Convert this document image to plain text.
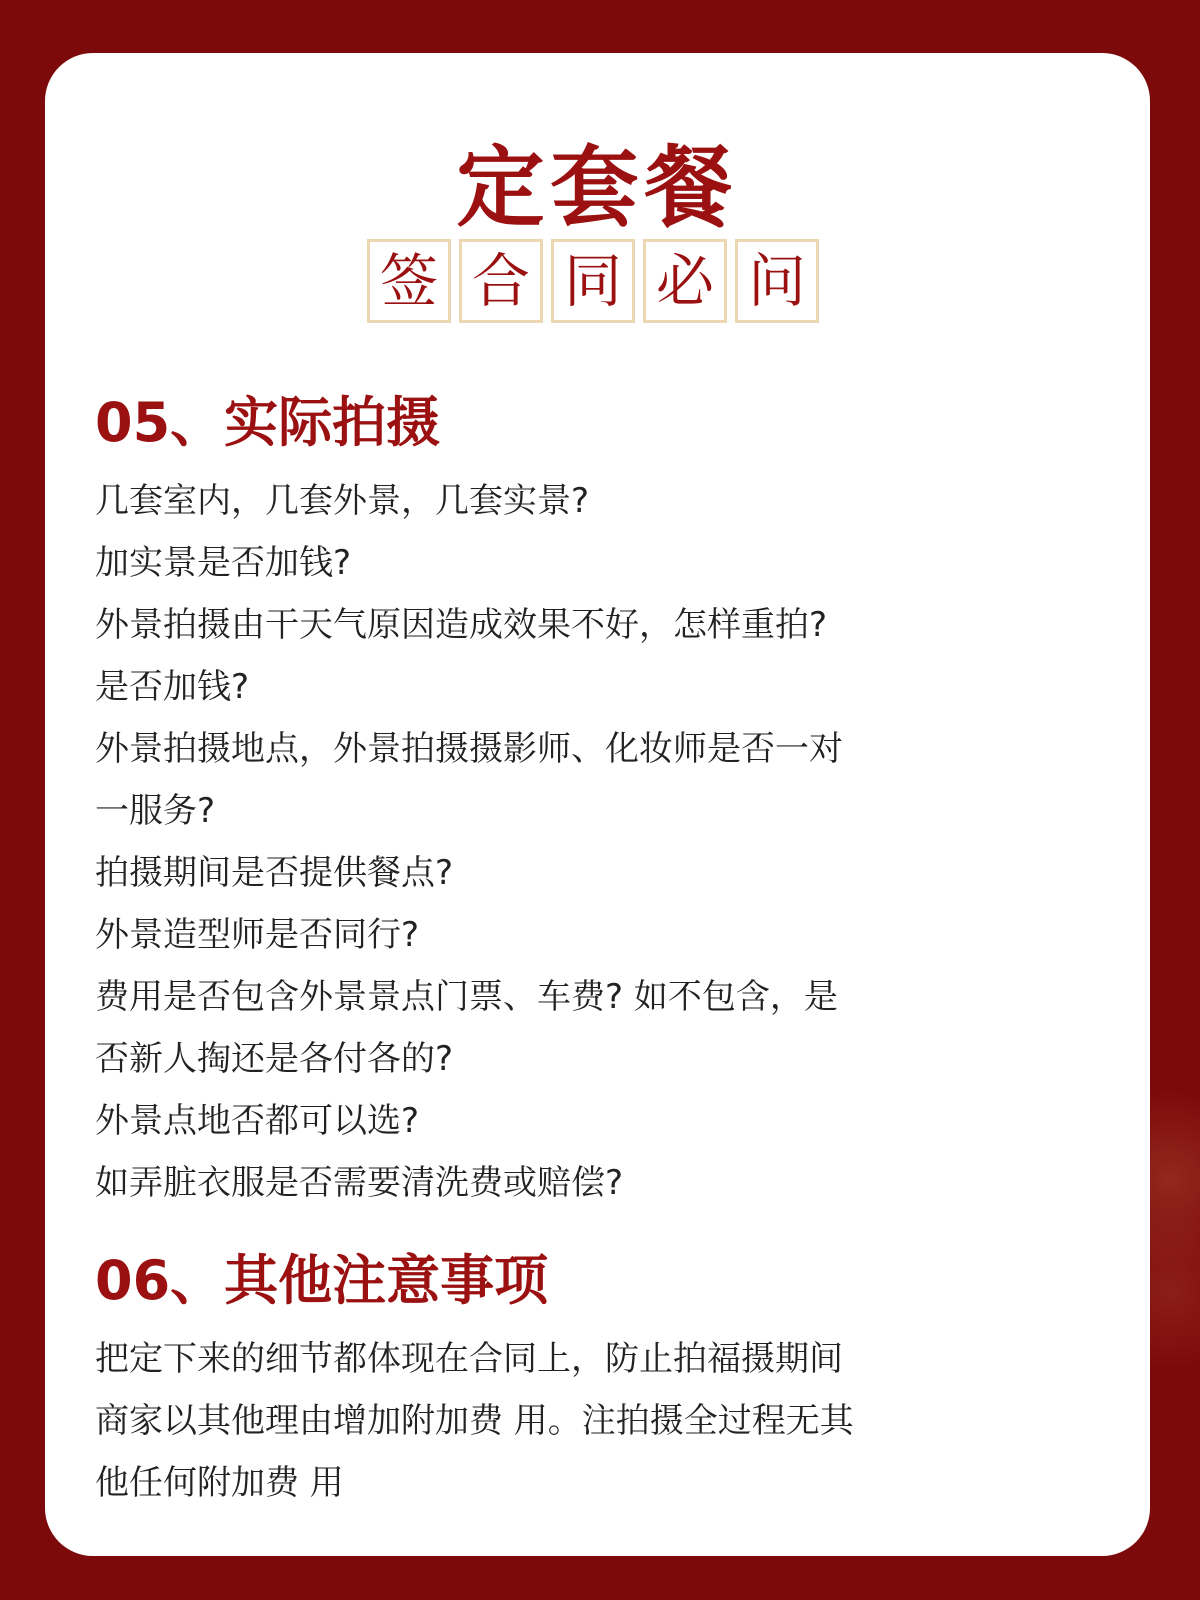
定套餐
签 合 同 必 问
05、实际拍摄

几套室内，几套外景，几套实景?
加实景是否加钱?
外景拍摄由干天气原因造成效果不好，怎样重拍?
是否加钱?
外景拍摄地点，外景拍摄摄影师、化妆师是否一对
一服务?
拍摄期间是否提供餐点?
外景造型师是否同行?
费用是否包含外景景点门票、车费? 如不包含，是
否新人掏还是各付各的?
外景点地否都可以选?
如弄脏衣服是否需要清洗费或赔偿?

06、其他注意事项

把定下来的细节都体现在合同上，防止拍福摄期间
商家以其他理由增加附加费 用。注拍摄全过程无其
他任何附加费 用
